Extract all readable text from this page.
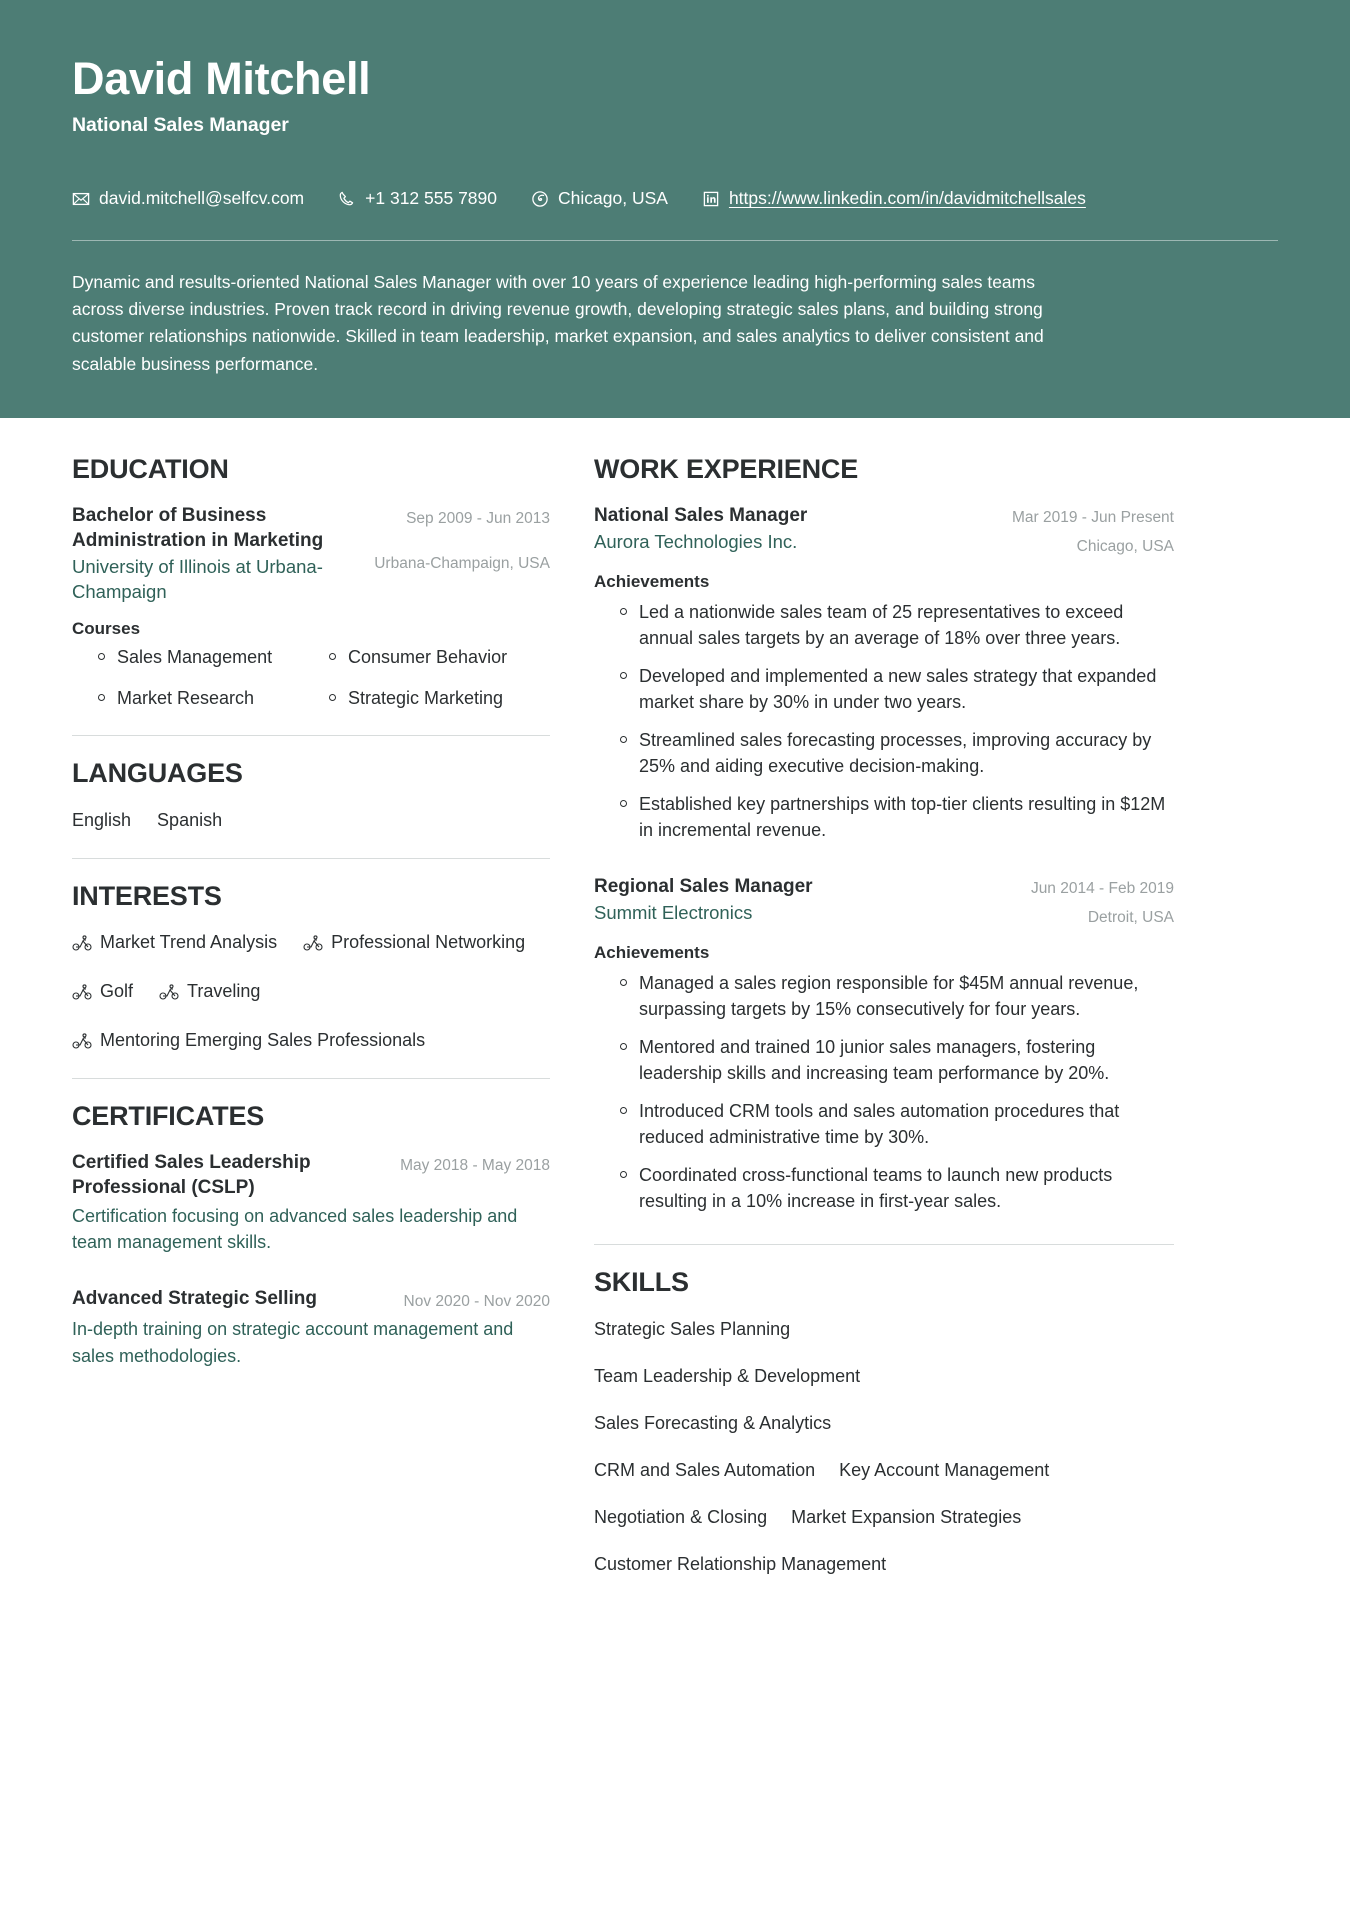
David Mitchell
National Sales Manager
david.mitchell@selfcv.com	+1 312 555 7890	Chicago, USA	https://www.linkedin.com/in/davidmitchellsales

Dynamic and results-oriented National Sales Manager with over 10 years of experience leading high-performing sales teams across diverse industries. Proven track record in driving revenue growth, developing strategic sales plans, and building strong customer relationships nationwide. Skilled in team leadership, market expansion, and sales analytics to deliver consistent and scalable business performance.

EDUCATION
Bachelor of Business Administration in Marketing
University of Illinois at Urbana-Champaign
Sep 2009 - Jun 2013
Urbana-Champaign, USA
Courses
Sales Management	Consumer Behavior
Market Research	Strategic Marketing
LANGUAGES
English Spanish
INTERESTS
Market Trend Analysis	Professional Networking
Golf	Traveling
Mentoring Emerging Sales Professionals
CERTIFICATES
Certified Sales Leadership Professional (CSLP)
May 2018 - May 2018
Certification focusing on advanced sales leadership and team management skills.
Advanced Strategic Selling	Nov 2020 - Nov 2020
In-depth training on strategic account management and sales methodologies.
WORK EXPERIENCE
National Sales Manager
Aurora Technologies Inc.
Mar 2019 - Jun Present
Chicago, USA
Achievements
Led a nationwide sales team of 25 representatives to exceed annual sales targets by an average of 18% over three years.
Developed and implemented a new sales strategy that expanded market share by 30% in under two years.
Streamlined sales forecasting processes, improving accuracy by 25% and aiding executive decision-making.
Established key partnerships with top-tier clients resulting in $12M in incremental revenue.
Regional Sales Manager
Summit Electronics
Jun 2014 - Feb 2019
Detroit, USA
Achievements
Managed a sales region responsible for $45M annual revenue, surpassing targets by 15% consecutively for four years.
Mentored and trained 10 junior sales managers, fostering leadership skills and increasing team performance by 20%.
Introduced CRM tools and sales automation procedures that reduced administrative time by 30%.
Coordinated cross-functional teams to launch new products resulting in a 10% increase in first-year sales.
SKILLS
Strategic Sales Planning
Team Leadership & Development
Sales Forecasting & Analytics
CRM and Sales Automation Key Account Management
Negotiation & Closing Market Expansion Strategies
Customer Relationship Management
